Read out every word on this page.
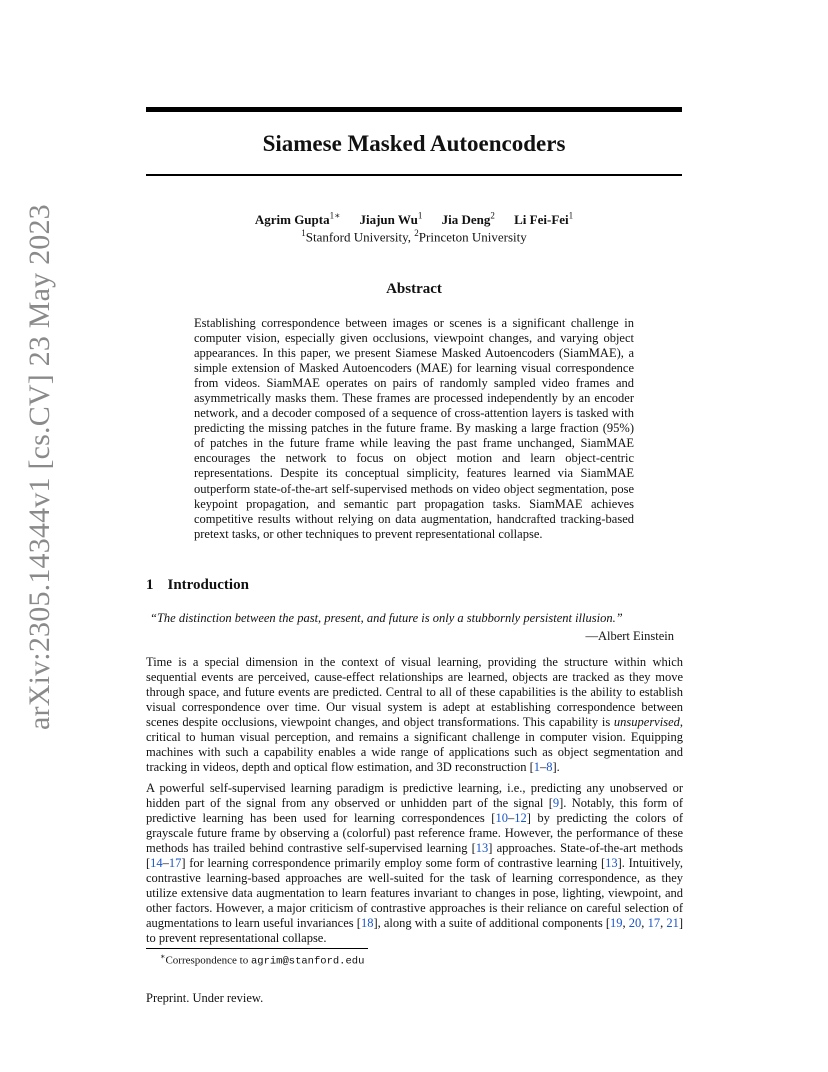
arXiv:2305.14344v1 [cs.CV] 23 May 2023
Siamese Masked Autoencoders
Agrim Gupta$^{1∗}$ Jiajun Wu$^1$ Jia Deng$^2$ Li Fei-Fei$^1$
$^1$Stanford University, $^2$Princeton University
Abstract

Establishing correspondence between images or scenes is a significant challenge in computer vision, especially given occlusions, viewpoint changes, and varying object appearances. In this paper, we present Siamese Masked Autoencoders (SiamMAE), a simple extension of Masked Autoencoders (MAE) for learning visual correspondence from videos. SiamMAE operates on pairs of randomly sampled video frames and asymmetrically masks them. These frames are processed independently by an encoder network, and a decoder composed of a sequence of cross-attention layers is tasked with predicting the missing patches in the future frame. By masking a large fraction (95%) of patches in the future frame while leaving the past frame unchanged, SiamMAE encourages the network to focus on object motion and learn object-centric representations. Despite its conceptual simplicity, features learned via SiamMAE outperform state-of-the-art self-supervised methods on video object segmentation, pose keypoint propagation, and semantic part propagation tasks. SiamMAE achieves competitive results without relying on data augmentation, handcrafted tracking-based pretext tasks, or other techniques to prevent representational collapse.

1 Introduction
“The distinction between the past, present, and future is only a stubbornly persistent illusion.”
—Albert Einstein

Time is a special dimension in the context of visual learning, providing the structure within which sequential events are perceived, cause-effect relationships are learned, objects are tracked as they move through space, and future events are predicted. Central to all of these capabilities is the ability to establish visual correspondence over time. Our visual system is adept at establishing correspondence between scenes despite occlusions, viewpoint changes, and object transformations. This capability is unsupervised, critical to human visual perception, and remains a significant challenge in computer vision. Equipping machines with such a capability enables a wide range of applications such as object segmentation and tracking in videos, depth and optical flow estimation, and 3D reconstruction [1–8].

A powerful self-supervised learning paradigm is predictive learning, i.e., predicting any unobserved or hidden part of the signal from any observed or unhidden part of the signal [9]. Notably, this form of predictive learning has been used for learning correspondences [10–12] by predicting the colors of grayscale future frame by observing a (colorful) past reference frame. However, the performance of these methods has trailed behind contrastive self-supervised learning [13] approaches. State-of-the-art methods [14–17] for learning correspondence primarily employ some form of contrastive learning [13]. Intuitively, contrastive learning-based approaches are well-suited for the task of learning correspondence, as they utilize extensive data augmentation to learn features invariant to changes in pose, lighting, viewpoint, and other factors. However, a major criticism of contrastive approaches is their reliance on careful selection of augmentations to learn useful invariances [18], along with a suite of additional components [19, 20, 17, 21] to prevent representational collapse.

∗Correspondence to agrim@stanford.edu
Preprint. Under review.
